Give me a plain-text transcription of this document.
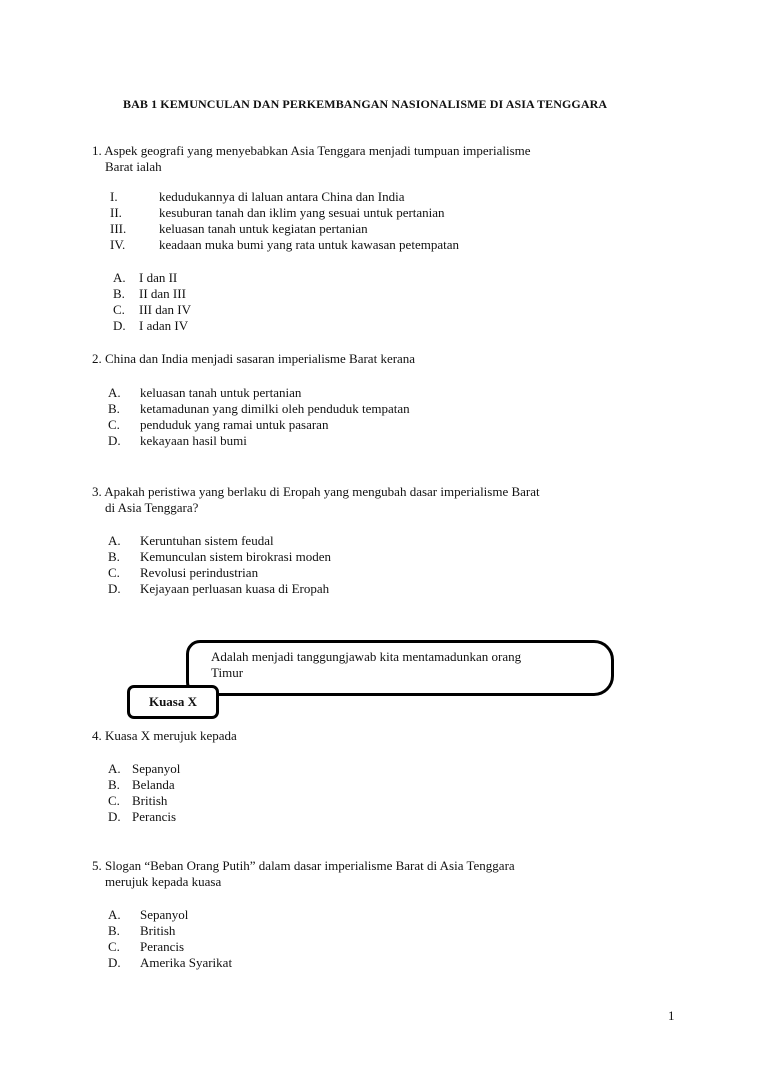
BAB 1 KEMUNCULAN DAN PERKEMBANGAN NASIONALISME DI ASIA TENGGARA
1. Aspek geografi yang menyebabkan Asia Tenggara menjadi tumpuan imperialisme
Barat ialah
I.	kedudukannya di laluan antara China dan India
II.	kesuburan tanah dan iklim yang sesuai untuk pertanian
III.	keluasan tanah untuk kegiatan pertanian
IV.	keadaan muka bumi yang rata untuk kawasan petempatan
A. I dan II
B. II dan III
C. III dan IV
D. I adan IV
2. China dan India menjadi sasaran imperialisme Barat kerana
A. keluasan tanah untuk pertanian
B. ketamadunan yang dimilki oleh penduduk tempatan
C. penduduk yang ramai untuk pasaran
D. kekayaan hasil bumi
3. Apakah peristiwa yang berlaku di Eropah yang mengubah dasar imperialisme Barat
di Asia Tenggara?
A. Keruntuhan sistem feudal
B. Kemunculan sistem birokrasi moden
C. Revolusi perindustrian
D. Kejayaan perluasan kuasa di Eropah
Adalah menjadi tanggungjawab kita mentamadunkan orang
Timur
Kuasa X
4. Kuasa X merujuk kepada
A. Sepanyol
B. Belanda
C. British
D. Perancis
5. Slogan “Beban Orang Putih” dalam dasar imperialisme Barat di Asia Tenggara
merujuk kepada kuasa
A. Sepanyol
B. British
C. Perancis
D. Amerika Syarikat
1
